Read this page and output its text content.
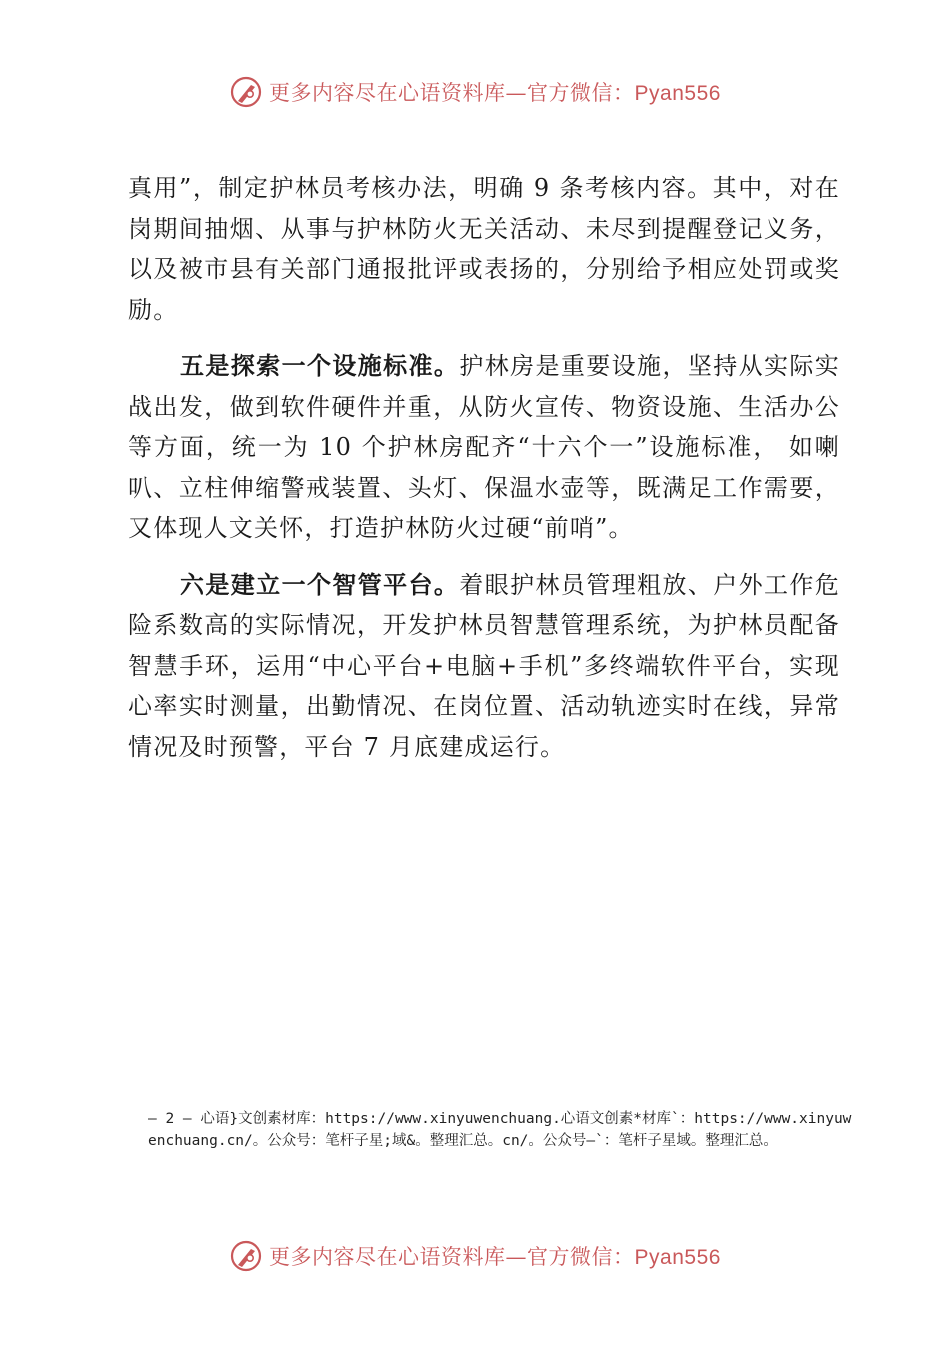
更多内容尽在心语资料库—官方微信：Pyan556

真用”，制定护林员考核办法，明确 9 条考核内容。其中，对在岗期间抽烟、从事与护林防火无关活动、未尽到提醒登记义务，以及被市县有关部门通报批评或表扬的，分别给予相应处罚或奖励。

五是探索一个设施标准。护林房是重要设施，坚持从实际实战出发，做到软件硬件并重，从防火宣传、物资设施、生活办公等方面，统一为 10 个护林房配齐“十六个一”设施标准， 如喇叭、立柱伸缩警戒装置、头灯、保温水壶等，既满足工作需要，又体现人文关怀，打造护林防火过硬“前哨”。

六是建立一个智管平台。着眼护林员管理粗放、户外工作危险系数高的实际情况，开发护林员智慧管理系统，为护林员配备智慧手环，运用“中心平台+电脑+手机”多终端软件平台，实现心率实时测量，出勤情况、在岗位置、活动轨迹实时在线，异常情况及时预警，平台 7 月底建成运行。

— 2 — 心语}文创素材库：https://www.xinyuwenchuang.心语文创素*材库`：https://www.xinyuwenchuang.cn/。公众号：笔杆子星;域&。整理汇总。cn/。公众号—`：笔杆子星域。整理汇总。
更多内容尽在心语资料库—官方微信：Pyan556
